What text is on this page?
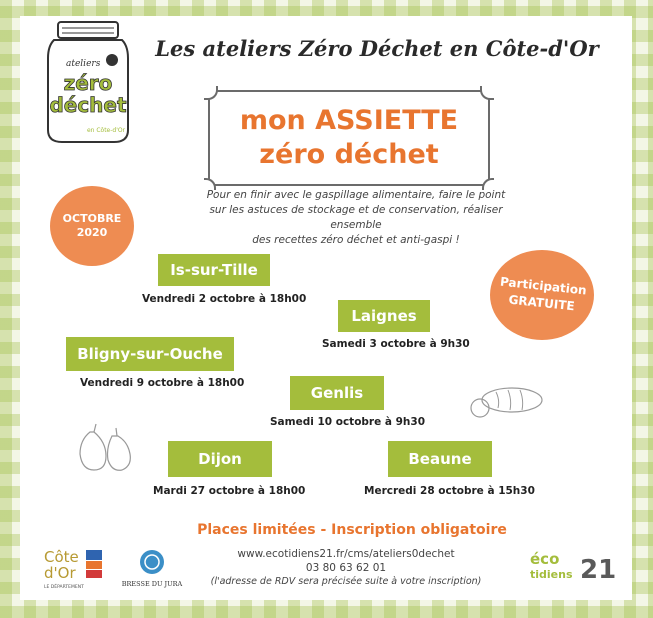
ateliers
zéro
déchet
en Côte-d'Or
Les ateliers Zéro Déchet en Côte-d'Or
mon ASSIETTE
zéro déchet
Pour en finir avec le gaspillage alimentaire, faire le point
sur les astuces de stockage et de conservation, réaliser ensemble
des recettes zéro déchet et anti-gaspi !
OCTOBRE
2020
Participation
GRATUITE
Is-sur-Tille
Vendredi 2 octobre à 18h00
Laignes
Samedi 3 octobre à 9h30
Bligny-sur-Ouche
Vendredi 9 octobre à 18h00
Genlis
Samedi 10 octobre à 9h30
Dijon
Mardi 27 octobre à 18h00
Beaune
Mercredi 28 octobre à 15h30
Places limitées - Inscription obligatoire
www.ecotidiens21.fr/cms/ateliers0dechet
03 80 63 62 01
(l'adresse de RDV sera précisée suite à votre inscription)
Côte
d'Or
LE DÉPARTEMENT	BRESSE DU JURA
éco
tidiens 21
